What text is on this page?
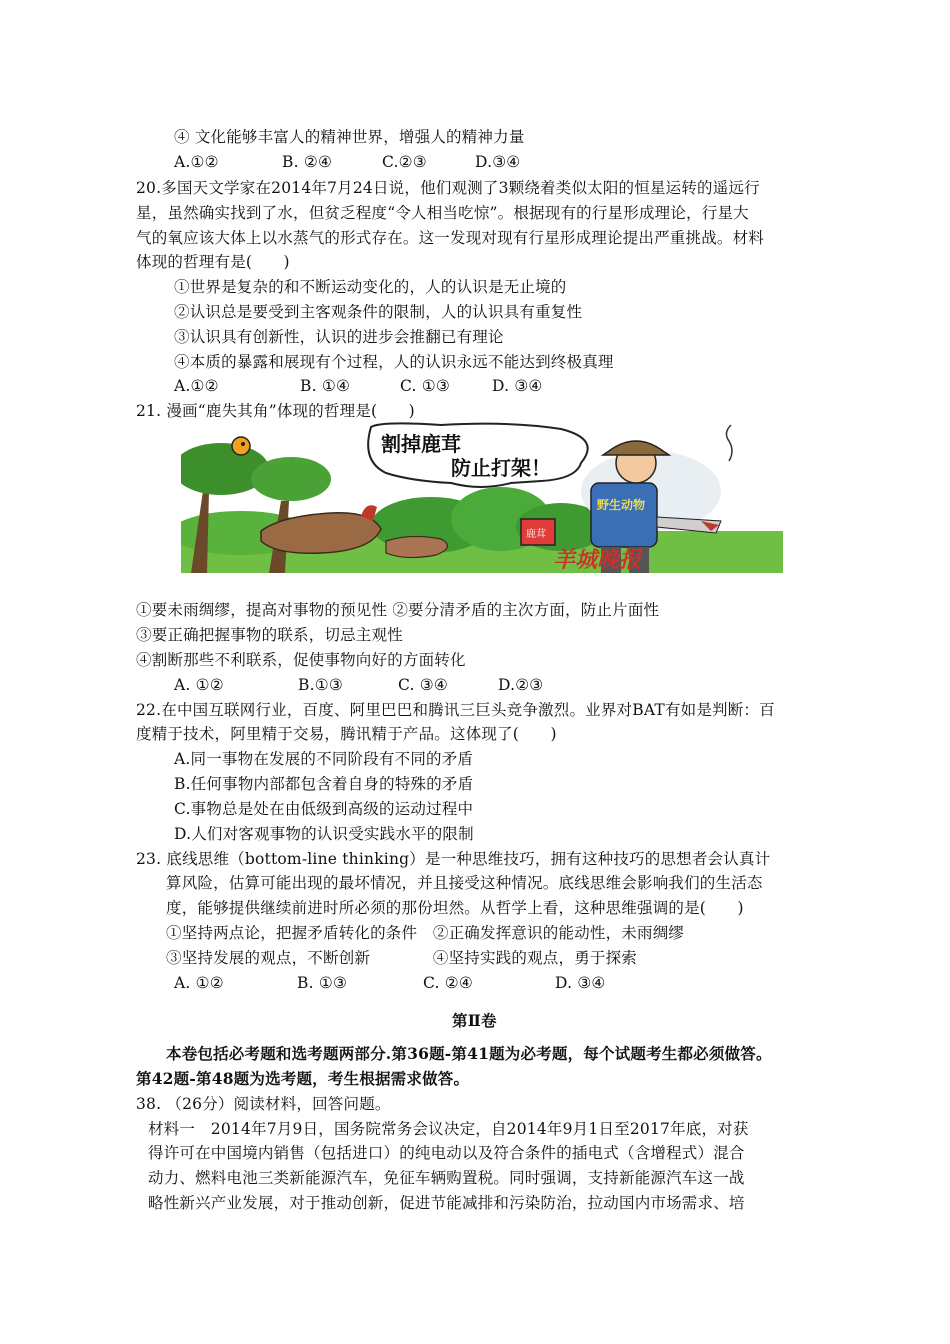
④ 文化能够丰富人的精神世界，增强人的精神力量
A.①②	B. ②④	C.②③	D.③④
20.多国天文学家在2014年7月24日说，他们观测了3颗绕着类似太阳的恒星运转的遥远行
星，虽然确实找到了水，但贫乏程度“令人相当吃惊”。根据现有的行星形成理论，行星大
气的氧应该大体上以水蒸气的形式存在。这一发现对现有行星形成理论提出严重挑战。材料
体现的哲理有是(　　)
①世界是复杂的和不断运动变化的，人的认识是无止境的
②认识总是要受到主客观条件的限制，人的认识具有重复性
③认识具有创新性，认识的进步会推翻已有理论
④本质的暴露和展现有个过程，人的认识永远不能达到终极真理
A.①②	B. ①④	C. ①③	D. ③④
21. 漫画“鹿失其角”体现的哲理是(　　)
割掉鹿茸
防止打架！
野生动物
鹿茸
羊城晚报
①要未雨绸缪，提高对事物的预见性 ②要分清矛盾的主次方面，防止片面性
③要正确把握事物的联系，切忌主观性
④割断那些不利联系，促使事物向好的方面转化
A. ①②	B.①③	C. ③④	D.②③
22.在中国互联网行业，百度、阿里巴巴和腾讯三巨头竞争激烈。业界对BAT有如是判断：百
度精于技术，阿里精于交易，腾讯精于产品。这体现了(　　)
A.同一事物在发展的不同阶段有不同的矛盾
B.任何事物内部都包含着自身的特殊的矛盾
C.事物总是处在由低级到高级的运动过程中
D.人们对客观事物的认识受实践水平的限制
23. 底线思维（bottom-line thinking）是一种思维技巧，拥有这种技巧的思想者会认真计
算风险，估算可能出现的最坏情况，并且接受这种情况。底线思维会影响我们的生活态
度，能够提供继续前进时所必须的那份坦然。从哲学上看，这种思维强调的是(　　)
①坚持两点论，把握矛盾转化的条件　②正确发挥意识的能动性，未雨绸缪
③坚持发展的观点，不断创新　　　　④坚持实践的观点，勇于探索
A. ①②	B. ①③	C. ②④	D. ③④
第Ⅱ卷
本卷包括必考题和选考题两部分.第36题-第41题为必考题，每个试题考生都必须做答。
第42题-第48题为选考题，考生根据需求做答。
38. （26分）阅读材料，回答问题。
材料一　2014年7月9日，国务院常务会议决定，自2014年9月1日至2017年底，对获
得许可在中国境内销售（包括进口）的纯电动以及符合条件的插电式（含增程式）混合
动力、燃料电池三类新能源汽车，免征车辆购置税。同时强调，支持新能源汽车这一战
略性新兴产业发展，对于推动创新，促进节能减排和污染防治，拉动国内市场需求、培
